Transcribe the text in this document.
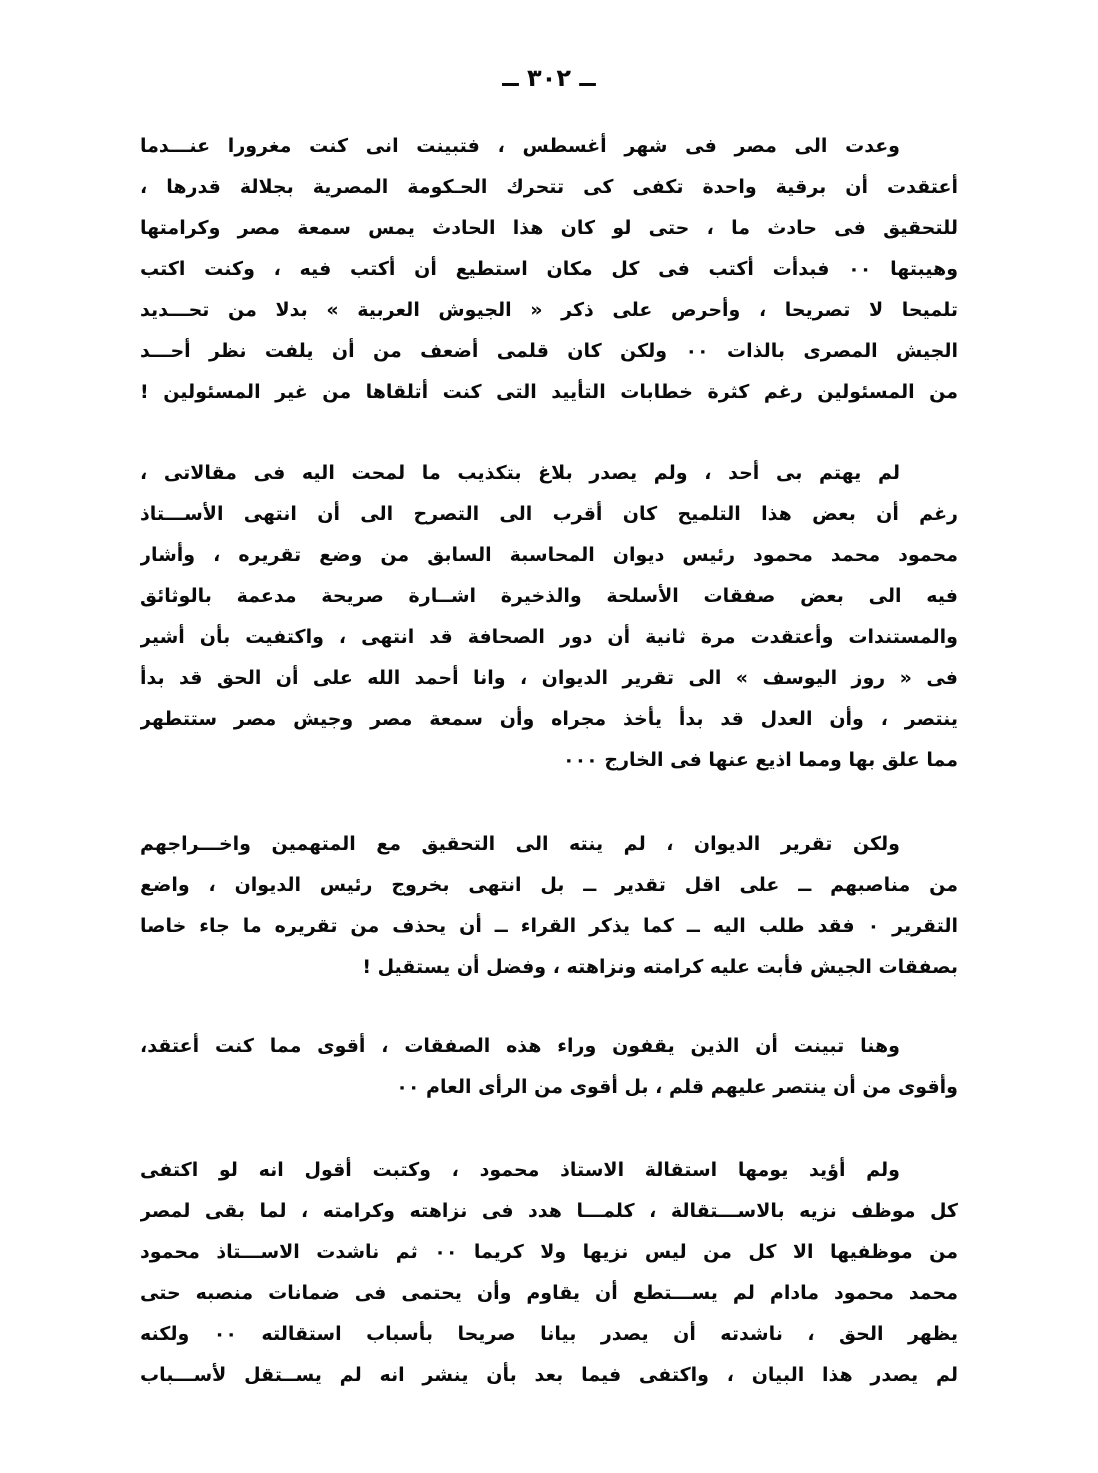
ــ ٣٠٢ ــ
وعدت الى مصر فى شهر أغسطس ، فتبينت انى كنت مغرورا عنـــدما
أعتقدت أن برقية واحدة تكفى كى تتحرك الحـكومة المصرية بجلالة قدرها ،
للتحقيق فى حادث ما ، حتى لو كان هذا الحادث يمس سمعة مصر وكرامتها
وهيبتها ٠٠ فبدأت أكتب فى كل مكان استطيع أن أكتب فيه ، وكنت اكتب
تلميحا لا تصريحا ، وأحرص على ذكر « الجيوش العربية » بدلا من تحـــديد
الجيش المصرى بالذات ٠٠ ولكن كان قلمى أضعف من أن يلفت نظر أحـــد
من المسئولين رغم كثرة خطابات التأييد التى كنت أتلقاها من غير المسئولين !
لم يهتم بى أحد ، ولم يصدر بلاغ بتكذيب ما لمحت اليه فى مقالاتى ،
رغم أن بعض هذا التلميح كان أقرب الى التصرح الى أن انتهى الأســـتاذ
محمود محمد محمود رئيس ديوان المحاسبة السابق من وضع تقريره ، وأشار
فيه الى بعض صفقات الأسلحة والذخيرة اشــارة صريحة مدعمة بالوثائق
والمستندات وأعتقدت مرة ثانية أن دور الصحافة قد انتهى ، واكتفيت بأن أشير
فى « روز اليوسف » الى تقرير الديوان ، وانا أحمد الله على أن الحق قد بدأ
ينتصر ، وأن العدل قد بدأ يأخذ مجراه وأن سمعة مصر وجيش مصر ستتطهر
مما علق بها ومما اذيع عنها فى الخارج ٠٠٠
ولكن تقرير الديوان ، لم ينته الى التحقيق مع المتهمين واخـــراجهم
من مناصبهم ــ على اقل تقدير ــ بل انتهى بخروج رئيس الديوان ، واضع
التقرير ٠ فقد طلب اليه ــ كما يذكر القراء ــ أن يحذف من تقريره ما جاء خاصا
بصفقات الجيش فأبت عليه كرامته ونزاهته ، وفضل أن يستقيل !
وهنا تبينت أن الذين يقفون وراء هذه الصفقات ، أقوى مما كنت أعتقد،
وأقوى من أن ينتصر عليهم قلم ، بل أقوى من الرأى العام ٠٠
ولم أؤيد يومها استقالة الاستاذ محمود ، وكتبت أقول انه لو اكتفى
كل موظف نزيه بالاســـتقالة ، كلمـــا هدد فى نزاهته وكرامته ، لما بقى لمصر
من موظفيها الا كل من ليس نزيها ولا كريما ٠٠ ثم ناشدت الاســـتاذ محمود
محمد محمود مادام لم يســـتطع أن يقاوم وأن يحتمى فى ضمانات منصبه حتى
يظهر الحق ، ناشدته أن يصدر بيانا صريحا بأسباب استقالته ٠٠ ولكنه
لم يصدر هذا البيان ، واكتفى فيما بعد بأن ينشر انه لم يســتقل لأســـباب
